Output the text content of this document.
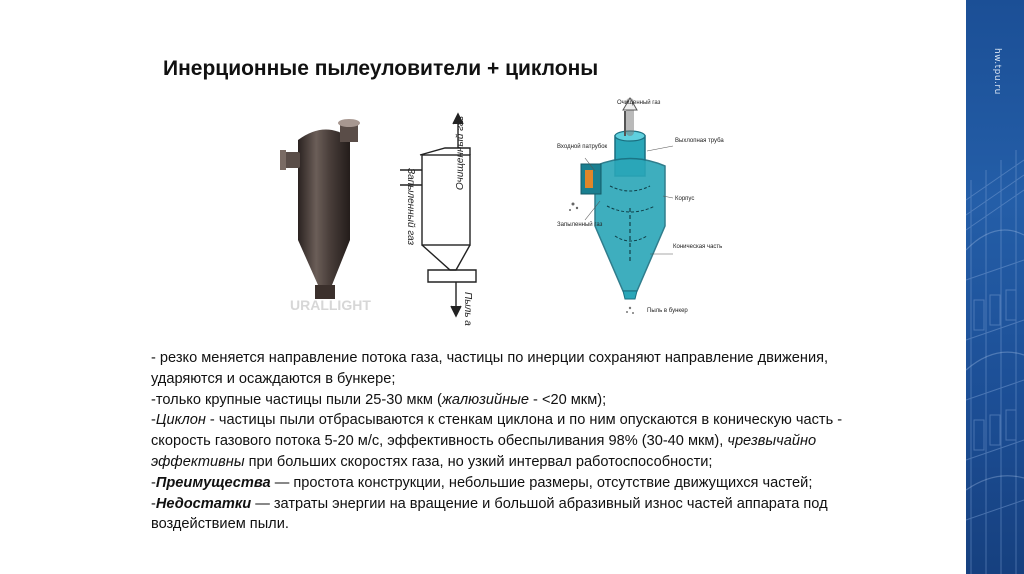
hw.tpu.ru
Инерционные пылеуловители + циклоны
URALLIGHT
Очищенный газ
Запыленный газ
Пыль а
Очищенный газ
Входной патрубок
Выхлопная труба
Корпус
Запыленный газ
Коническая часть
Пыль в бункер

- резко меняется направление потока газа, частицы по инерции сохраняют направление движения, ударяются и осаждаются в бункере;

-только крупные частицы пыли 25-30 мкм (жалюзийные - <20 мкм);

-Циклон - частицы пыли отбрасываются к стенкам циклона и по ним опускаются в коническую часть - скорость газового потока 5-20 м/с, эффективность обеспыливания 98% (30-40 мкм), чрезвычайно эффективны при больших скоростях газа, но узкий интервал работоспособности;

-Преимущества — простота конструкции, небольшие размеры, отсутствие движущихся частей;

-Недостатки — затраты энергии на вращение и большой абразивный износ частей аппарата под воздействием пыли.
